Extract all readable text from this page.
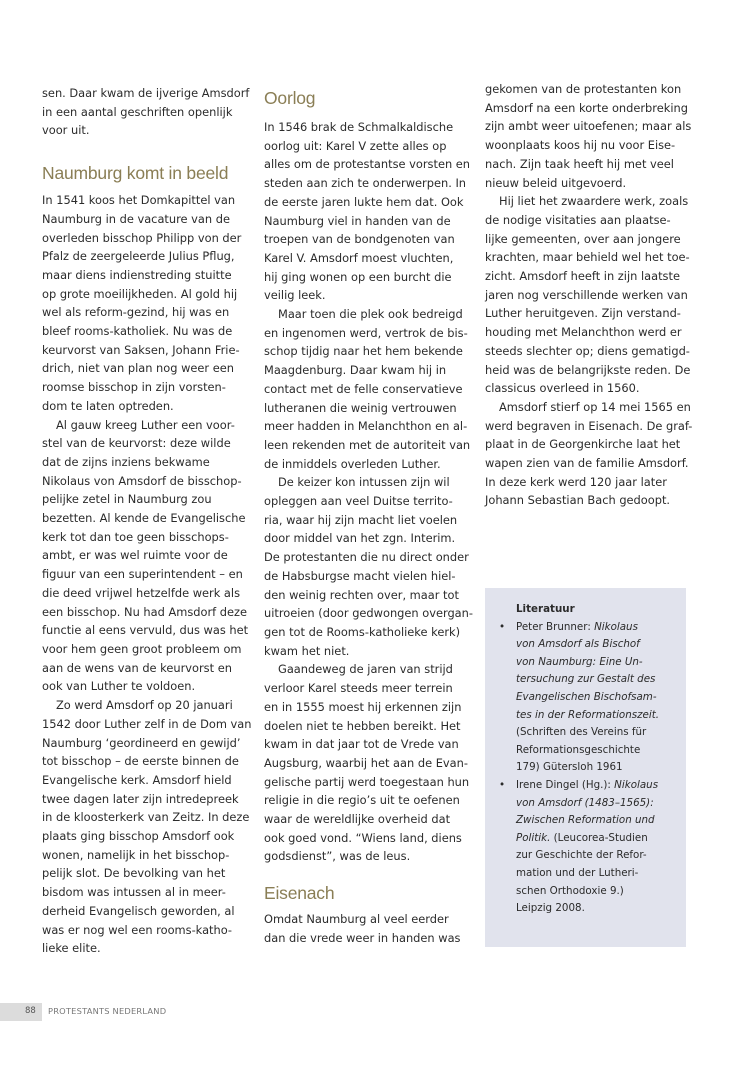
sen. Daar kwam de ijverige Amsdorf
in een aantal geschriften openlijk
voor uit.
Naumburg komt in beeld
In 1541 koos het Domkapittel van
Naumburg in de vacature van de
overleden bisschop Philipp von der
Pfalz de zeergeleerde Julius Pflug,
maar diens indienstreding stuitte
op grote moeilijkheden. Al gold hij
wel als reform-gezind, hij was en
bleef rooms-katholiek. Nu was de
keurvorst van Saksen, Johann Frie-
drich, niet van plan nog weer een
roomse bisschop in zijn vorsten-
dom te laten optreden.
Al gauw kreeg Luther een voor-
stel van de keurvorst: deze wilde
dat de zijns inziens bekwame
Nikolaus von Amsdorf de bisschop-
pelijke zetel in Naumburg zou
bezetten. Al kende de Evangelische
kerk tot dan toe geen bisschops-
ambt, er was wel ruimte voor de
figuur van een superintendent – en
die deed vrijwel hetzelfde werk als
een bisschop. Nu had Amsdorf deze
functie al eens vervuld, dus was het
voor hem geen groot probleem om
aan de wens van de keurvorst en
ook van Luther te voldoen.
Zo werd Amsdorf op 20 januari
1542 door Luther zelf in de Dom van
Naumburg ‘geordineerd en gewijd’
tot bisschop – de eerste binnen de
Evangelische kerk. Amsdorf hield
twee dagen later zijn intredepreek
in de kloosterkerk van Zeitz. In deze
plaats ging bisschop Amsdorf ook
wonen, namelijk in het bisschop-
pelijk slot. De bevolking van het
bisdom was intussen al in meer-
derheid Evangelisch geworden, al
was er nog wel een rooms-katho-
lieke elite.
Oorlog
In 1546 brak de Schmalkaldische
oorlog uit: Karel V zette alles op
alles om de protestantse vorsten en
steden aan zich te onderwerpen. In
de eerste jaren lukte hem dat. Ook
Naumburg viel in handen van de
troepen van de bondgenoten van
Karel V. Amsdorf moest vluchten,
hij ging wonen op een burcht die
veilig leek.
Maar toen die plek ook bedreigd
en ingenomen werd, vertrok de bis-
schop tijdig naar het hem bekende
Maagdenburg. Daar kwam hij in
contact met de felle conservatieve
lutheranen die weinig vertrouwen
meer hadden in Melanchthon en al-
leen rekenden met de autoriteit van
de inmiddels overleden Luther.
De keizer kon intussen zijn wil
opleggen aan veel Duitse territo-
ria, waar hij zijn macht liet voelen
door middel van het zgn. Interim.
De protestanten die nu direct onder
de Habsburgse macht vielen hiel-
den weinig rechten over, maar tot
uitroeien (door gedwongen overgan-
gen tot de Rooms-katholieke kerk)
kwam het niet.
Gaandeweg de jaren van strijd
verloor Karel steeds meer terrein
en in 1555 moest hij erkennen zijn
doelen niet te hebben bereikt. Het
kwam in dat jaar tot de Vrede van
Augsburg, waarbij het aan de Evan-
gelische partij werd toegestaan hun
religie in die regio’s uit te oefenen
waar de wereldlijke overheid dat
ook goed vond. “Wiens land, diens
godsdienst”, was de leus.
Eisenach
Omdat Naumburg al veel eerder
dan die vrede weer in handen was
gekomen van de protestanten kon
Amsdorf na een korte onderbreking
zijn ambt weer uitoefenen; maar als
woonplaats koos hij nu voor Eise-
nach. Zijn taak heeft hij met veel
nieuw beleid uitgevoerd.
Hij liet het zwaardere werk, zoals
de nodige visitaties aan plaatse-
lijke gemeenten, over aan jongere
krachten, maar behield wel het toe-
zicht. Amsdorf heeft in zijn laatste
jaren nog verschillende werken van
Luther heruitgeven. Zijn verstand-
houding met Melanchthon werd er
steeds slechter op; diens gematigd-
heid was de belangrijkste reden. De
classicus overleed in 1560.
Amsdorf stierf op 14 mei 1565 en
werd begraven in Eisenach. De graf-
plaat in de Georgenkirche laat het
wapen zien van de familie Amsdorf.
In deze kerk werd 120 jaar later
Johann Sebastian Bach gedoopt.
Literatuur
•	Peter Brunner: Nikolaus
von Amsdorf als Bischof
von Naumburg: Eine Un-
tersuchung zur Gestalt des
Evangelischen Bischofsam-
tes in der Reformationszeit.
(Schriften des Vereins für
Reformationsgeschichte
179) Gütersloh 1961
•	Irene Dingel (Hg.): Nikolaus
von Amsdorf (1483–1565):
Zwischen Reformation und
Politik. (Leucorea-Studien
zur Geschichte der Refor-
mation und der Lutheri-
schen Orthodoxie 9.)
Leipzig 2008.
88 PROTESTANTS NEDERLAND
